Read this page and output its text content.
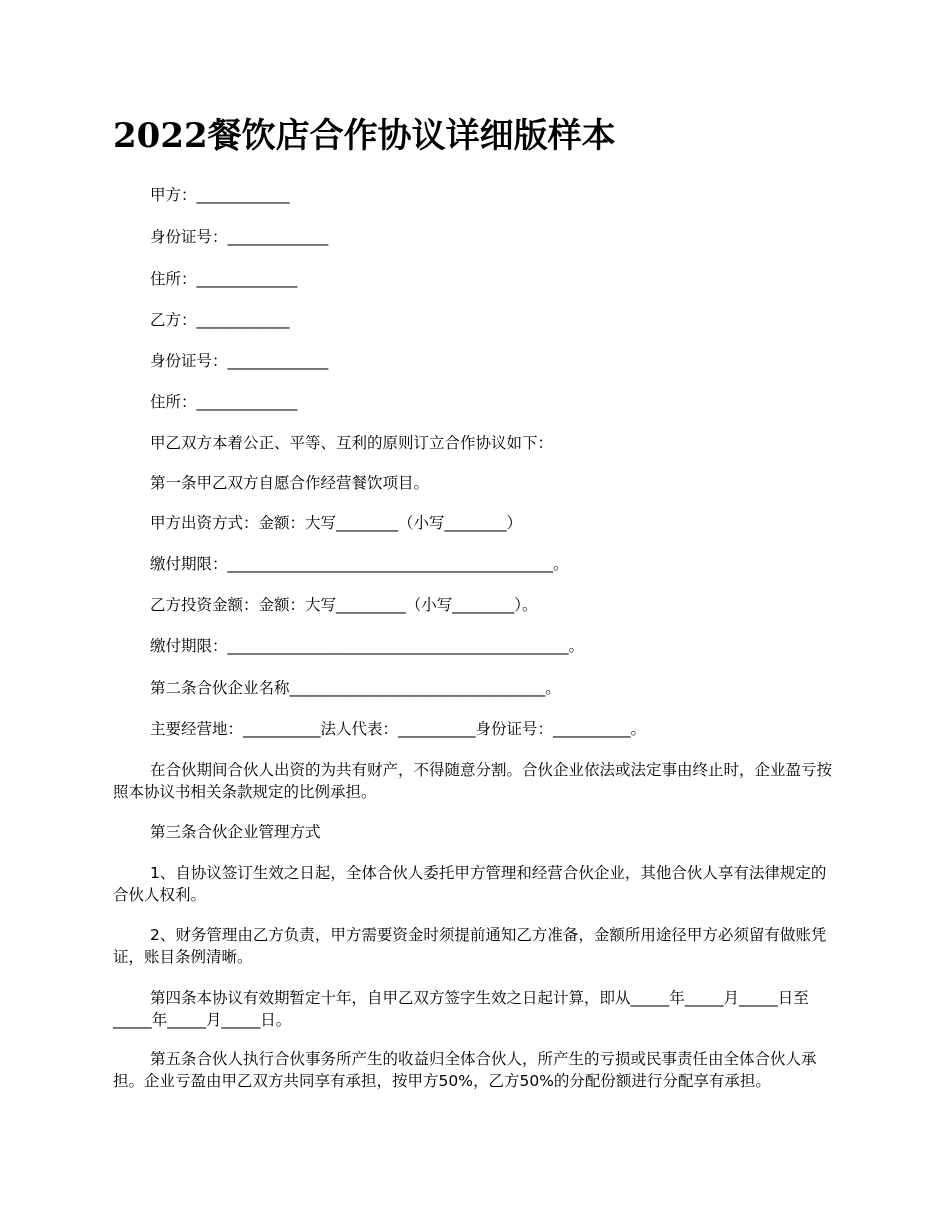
2022餐饮店合作协议详细版样本

甲方：____________

身份证号：_____________

住所：_____________

乙方：____________

身份证号：_____________

住所：_____________

甲乙双方本着公正、平等、互利的原则订立合作协议如下：

第一条甲乙双方自愿合作经营餐饮项目。

甲方出资方式：金额：大写________（小写________）

缴付期限：__________________________________________。

乙方投资金额：金额：大写_________（小写________）。

缴付期限：____________________________________________。

第二条合伙企业名称_________________________________。

主要经营地：__________法人代表：__________身份证号：__________。

在合伙期间合伙人出资的为共有财产，不得随意分割。合伙企业依法或法定事由终止时，企业盈亏按照本协议书相关条款规定的比例承担。

第三条合伙企业管理方式

1、自协议签订生效之日起，全体合伙人委托甲方管理和经营合伙企业，其他合伙人享有法律规定的合伙人权利。

2、财务管理由乙方负责，甲方需要资金时须提前通知乙方准备，金额所用途径甲方必须留有做账凭证，账目条例清晰。

第四条本协议有效期暂定十年，自甲乙双方签字生效之日起计算，即从_____年_____月_____日至_____年_____月_____日。

第五条合伙人执行合伙事务所产生的收益归全体合伙人，所产生的亏损或民事责任由全体合伙人承担。企业亏盈由甲乙双方共同享有承担，按甲方50%，乙方50%的分配份额进行分配享有承担。
